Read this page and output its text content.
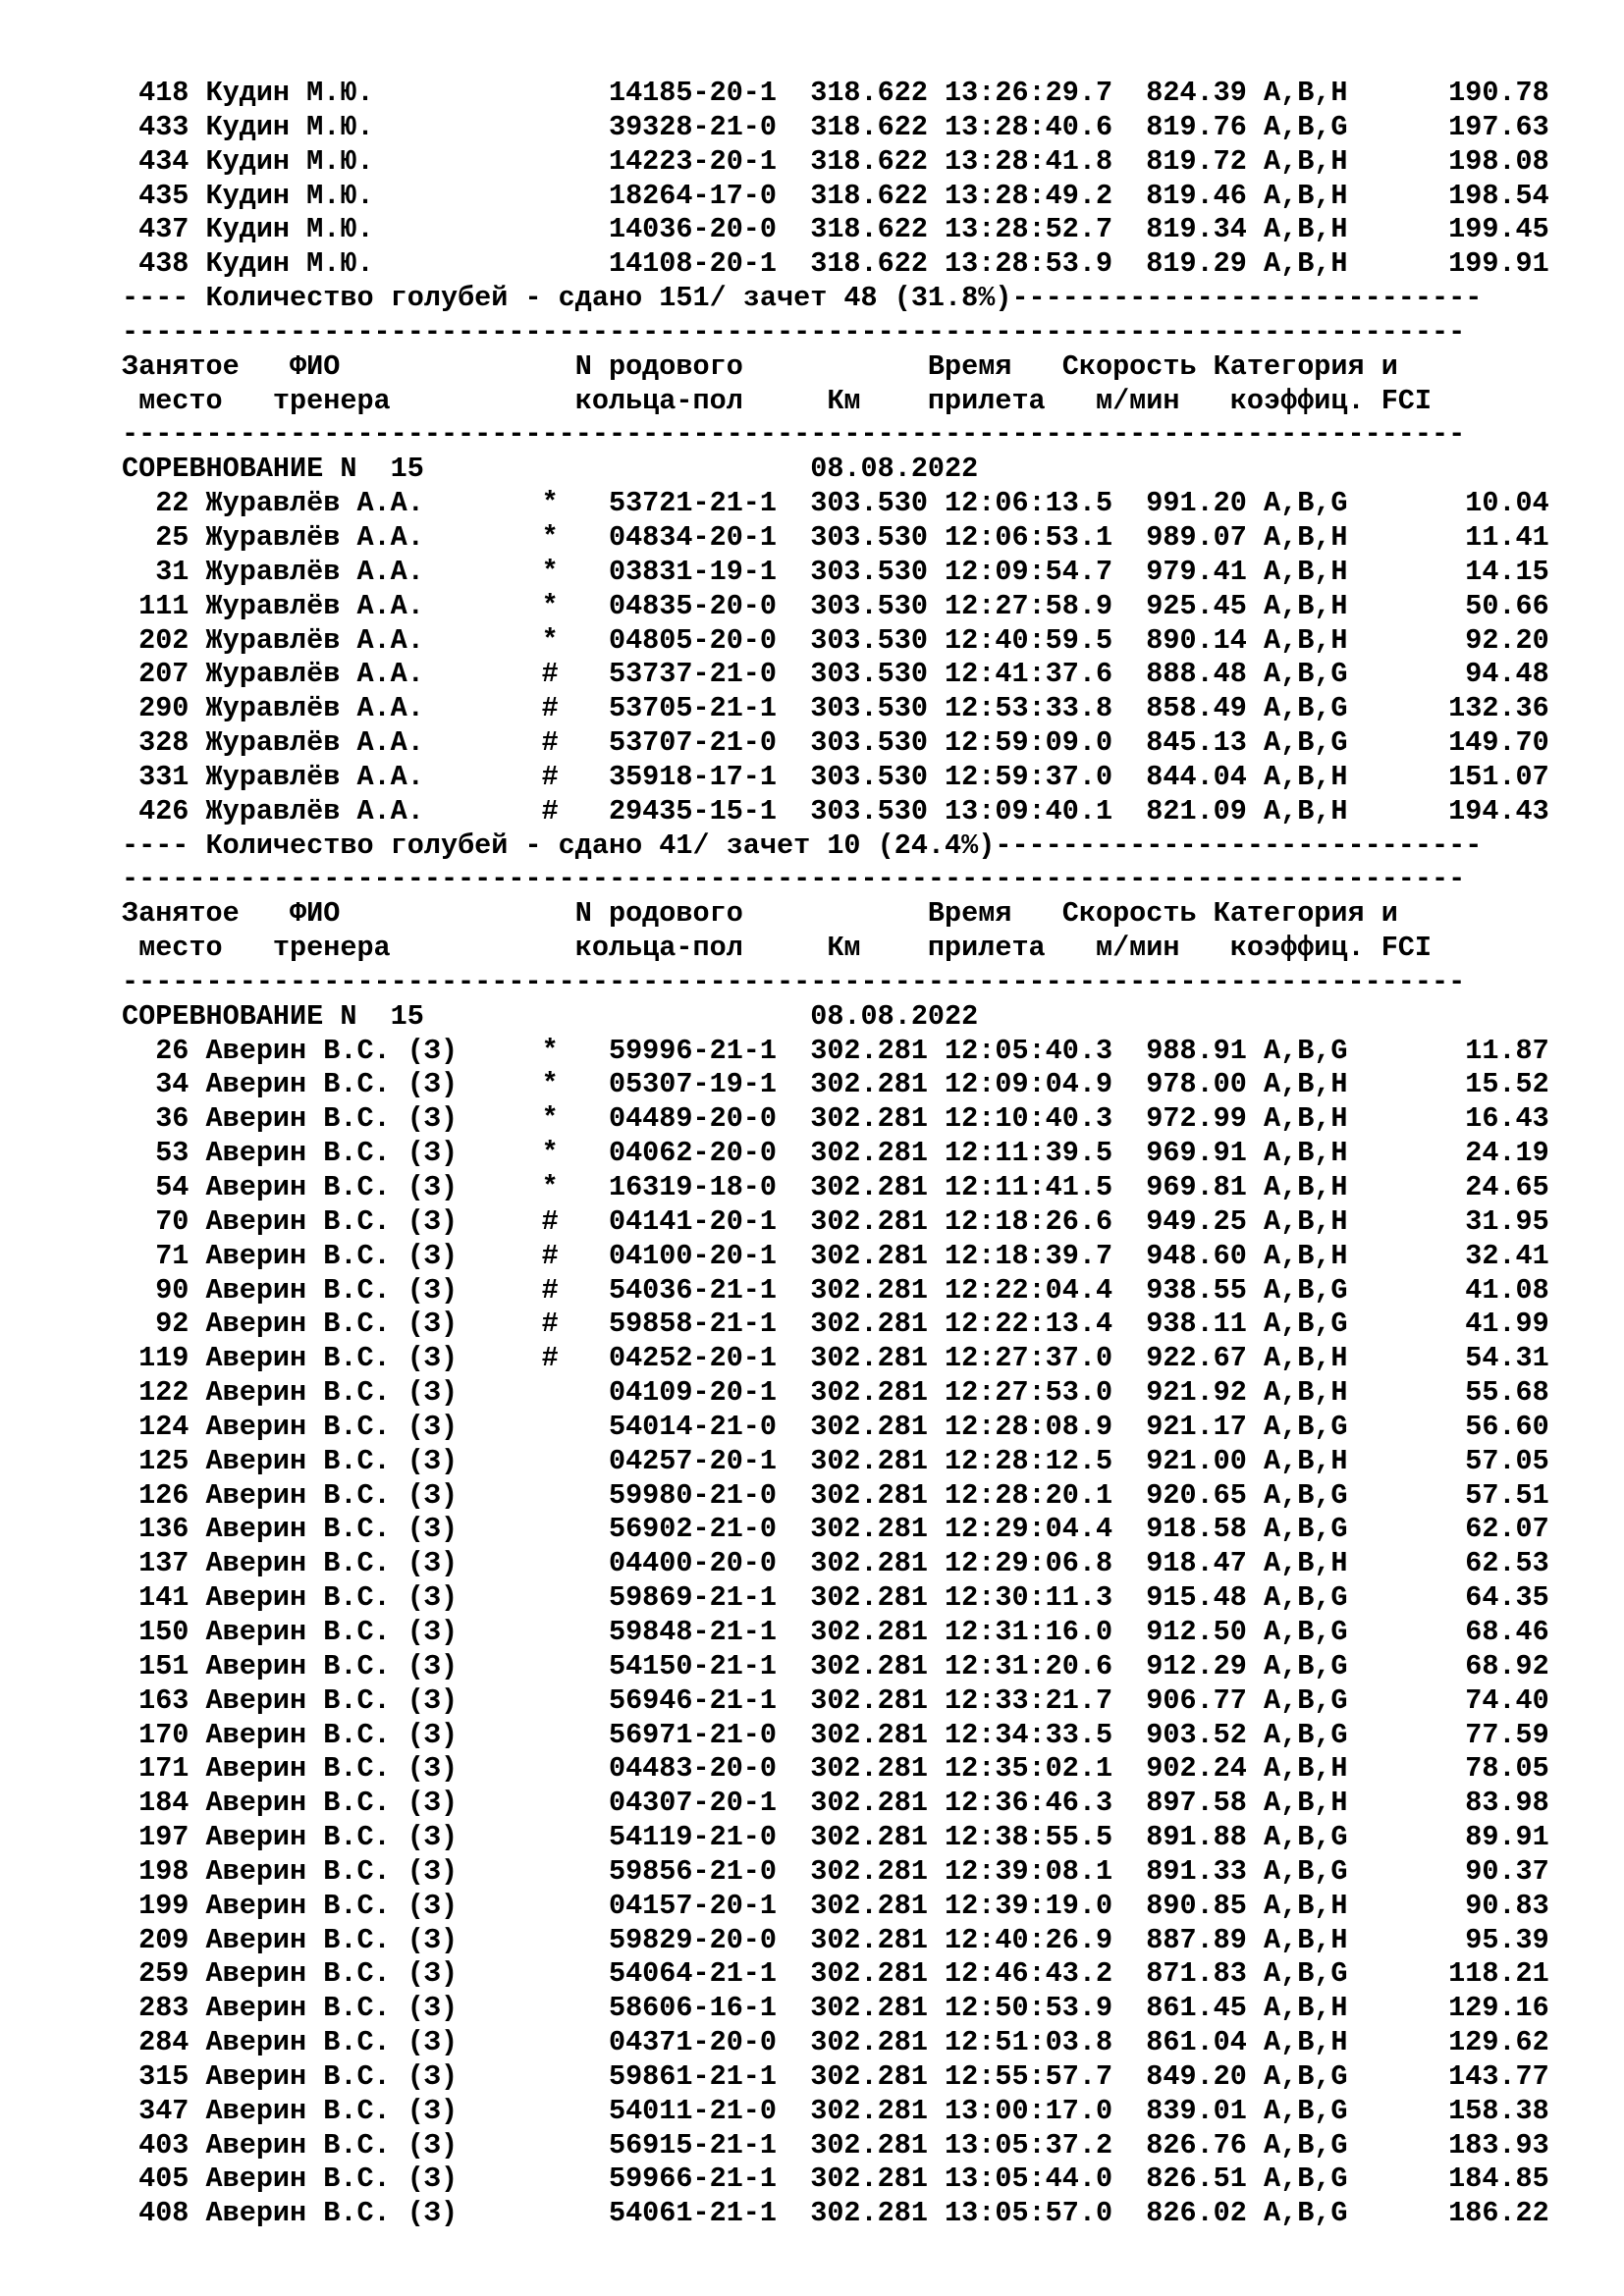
418 Кудин М.Ю.              14185-20-1  318.622 13:26:29.7  824.39 A,B,H      190.78
433 Кудин М.Ю.              39328-21-0  318.622 13:28:40.6  819.76 A,B,G      197.63
434 Кудин М.Ю.              14223-20-1  318.622 13:28:41.8  819.72 A,B,H      198.08
435 Кудин М.Ю.              18264-17-0  318.622 13:28:49.2  819.46 A,B,H      198.54
437 Кудин М.Ю.              14036-20-0  318.622 13:28:52.7  819.34 A,B,H      199.45
438 Кудин М.Ю.              14108-20-1  318.622 13:28:53.9  819.29 A,B,H      199.91
---- Количество голубей - сдано 151/ зачет 48 (31.8%)----------------------------
--------------------------------------------------------------------------------
Занятое   ФИО              N родового           Время   Скорость Категория и
место   тренера           кольца-пол     Км    прилета   м/мин   коэффиц. FCI
--------------------------------------------------------------------------------
СОРЕВНОВАНИЕ N  15                       08.08.2022
22 Журавлёв А.А.       *   53721-21-1  303.530 12:06:13.5  991.20 A,B,G       10.04
25 Журавлёв А.А.       *   04834-20-1  303.530 12:06:53.1  989.07 A,B,H       11.41
31 Журавлёв А.А.       *   03831-19-1  303.530 12:09:54.7  979.41 A,B,H       14.15
111 Журавлёв А.А.       *   04835-20-0  303.530 12:27:58.9  925.45 A,B,H       50.66
202 Журавлёв А.А.       *   04805-20-0  303.530 12:40:59.5  890.14 A,B,H       92.20
207 Журавлёв А.А.       #   53737-21-0  303.530 12:41:37.6  888.48 A,B,G       94.48
290 Журавлёв А.А.       #   53705-21-1  303.530 12:53:33.8  858.49 A,B,G      132.36
328 Журавлёв А.А.       #   53707-21-0  303.530 12:59:09.0  845.13 A,B,G      149.70
331 Журавлёв А.А.       #   35918-17-1  303.530 12:59:37.0  844.04 A,B,H      151.07
426 Журавлёв А.А.       #   29435-15-1  303.530 13:09:40.1  821.09 A,B,H      194.43
---- Количество голубей - сдано 41/ зачет 10 (24.4%)-----------------------------
--------------------------------------------------------------------------------
Занятое   ФИО              N родового           Время   Скорость Категория и
место   тренера           кольца-пол     Км    прилета   м/мин   коэффиц. FCI
--------------------------------------------------------------------------------
СОРЕВНОВАНИЕ N  15                       08.08.2022
26 Аверин В.С. (З)     *   59996-21-1  302.281 12:05:40.3  988.91 A,B,G       11.87
34 Аверин В.С. (З)     *   05307-19-1  302.281 12:09:04.9  978.00 A,B,H       15.52
36 Аверин В.С. (З)     *   04489-20-0  302.281 12:10:40.3  972.99 A,B,H       16.43
53 Аверин В.С. (З)     *   04062-20-0  302.281 12:11:39.5  969.91 A,B,H       24.19
54 Аверин В.С. (З)     *   16319-18-0  302.281 12:11:41.5  969.81 A,B,H       24.65
70 Аверин В.С. (З)     #   04141-20-1  302.281 12:18:26.6  949.25 A,B,H       31.95
71 Аверин В.С. (З)     #   04100-20-1  302.281 12:18:39.7  948.60 A,B,H       32.41
90 Аверин В.С. (З)     #   54036-21-1  302.281 12:22:04.4  938.55 A,B,G       41.08
92 Аверин В.С. (З)     #   59858-21-1  302.281 12:22:13.4  938.11 A,B,G       41.99
119 Аверин В.С. (З)     #   04252-20-1  302.281 12:27:37.0  922.67 A,B,H       54.31
122 Аверин В.С. (З)         04109-20-1  302.281 12:27:53.0  921.92 A,B,H       55.68
124 Аверин В.С. (З)         54014-21-0  302.281 12:28:08.9  921.17 A,B,G       56.60
125 Аверин В.С. (З)         04257-20-1  302.281 12:28:12.5  921.00 A,B,H       57.05
126 Аверин В.С. (З)         59980-21-0  302.281 12:28:20.1  920.65 A,B,G       57.51
136 Аверин В.С. (З)         56902-21-0  302.281 12:29:04.4  918.58 A,B,G       62.07
137 Аверин В.С. (З)         04400-20-0  302.281 12:29:06.8  918.47 A,B,H       62.53
141 Аверин В.С. (З)         59869-21-1  302.281 12:30:11.3  915.48 A,B,G       64.35
150 Аверин В.С. (З)         59848-21-1  302.281 12:31:16.0  912.50 A,B,G       68.46
151 Аверин В.С. (З)         54150-21-1  302.281 12:31:20.6  912.29 A,B,G       68.92
163 Аверин В.С. (З)         56946-21-1  302.281 12:33:21.7  906.77 A,B,G       74.40
170 Аверин В.С. (З)         56971-21-0  302.281 12:34:33.5  903.52 A,B,G       77.59
171 Аверин В.С. (З)         04483-20-0  302.281 12:35:02.1  902.24 A,B,H       78.05
184 Аверин В.С. (З)         04307-20-1  302.281 12:36:46.3  897.58 A,B,H       83.98
197 Аверин В.С. (З)         54119-21-0  302.281 12:38:55.5  891.88 A,B,G       89.91
198 Аверин В.С. (З)         59856-21-0  302.281 12:39:08.1  891.33 A,B,G       90.37
199 Аверин В.С. (З)         04157-20-1  302.281 12:39:19.0  890.85 A,B,H       90.83
209 Аверин В.С. (З)         59829-20-0  302.281 12:40:26.9  887.89 A,B,H       95.39
259 Аверин В.С. (З)         54064-21-1  302.281 12:46:43.2  871.83 A,B,G      118.21
283 Аверин В.С. (З)         58606-16-1  302.281 12:50:53.9  861.45 A,B,H      129.16
284 Аверин В.С. (З)         04371-20-0  302.281 12:51:03.8  861.04 A,B,H      129.62
315 Аверин В.С. (З)         59861-21-1  302.281 12:55:57.7  849.20 A,B,G      143.77
347 Аверин В.С. (З)         54011-21-0  302.281 13:00:17.0  839.01 A,B,G      158.38
403 Аверин В.С. (З)         56915-21-1  302.281 13:05:37.2  826.76 A,B,G      183.93
405 Аверин В.С. (З)         59966-21-1  302.281 13:05:44.0  826.51 A,B,G      184.85
408 Аверин В.С. (З)         54061-21-1  302.281 13:05:57.0  826.02 A,B,G      186.22
